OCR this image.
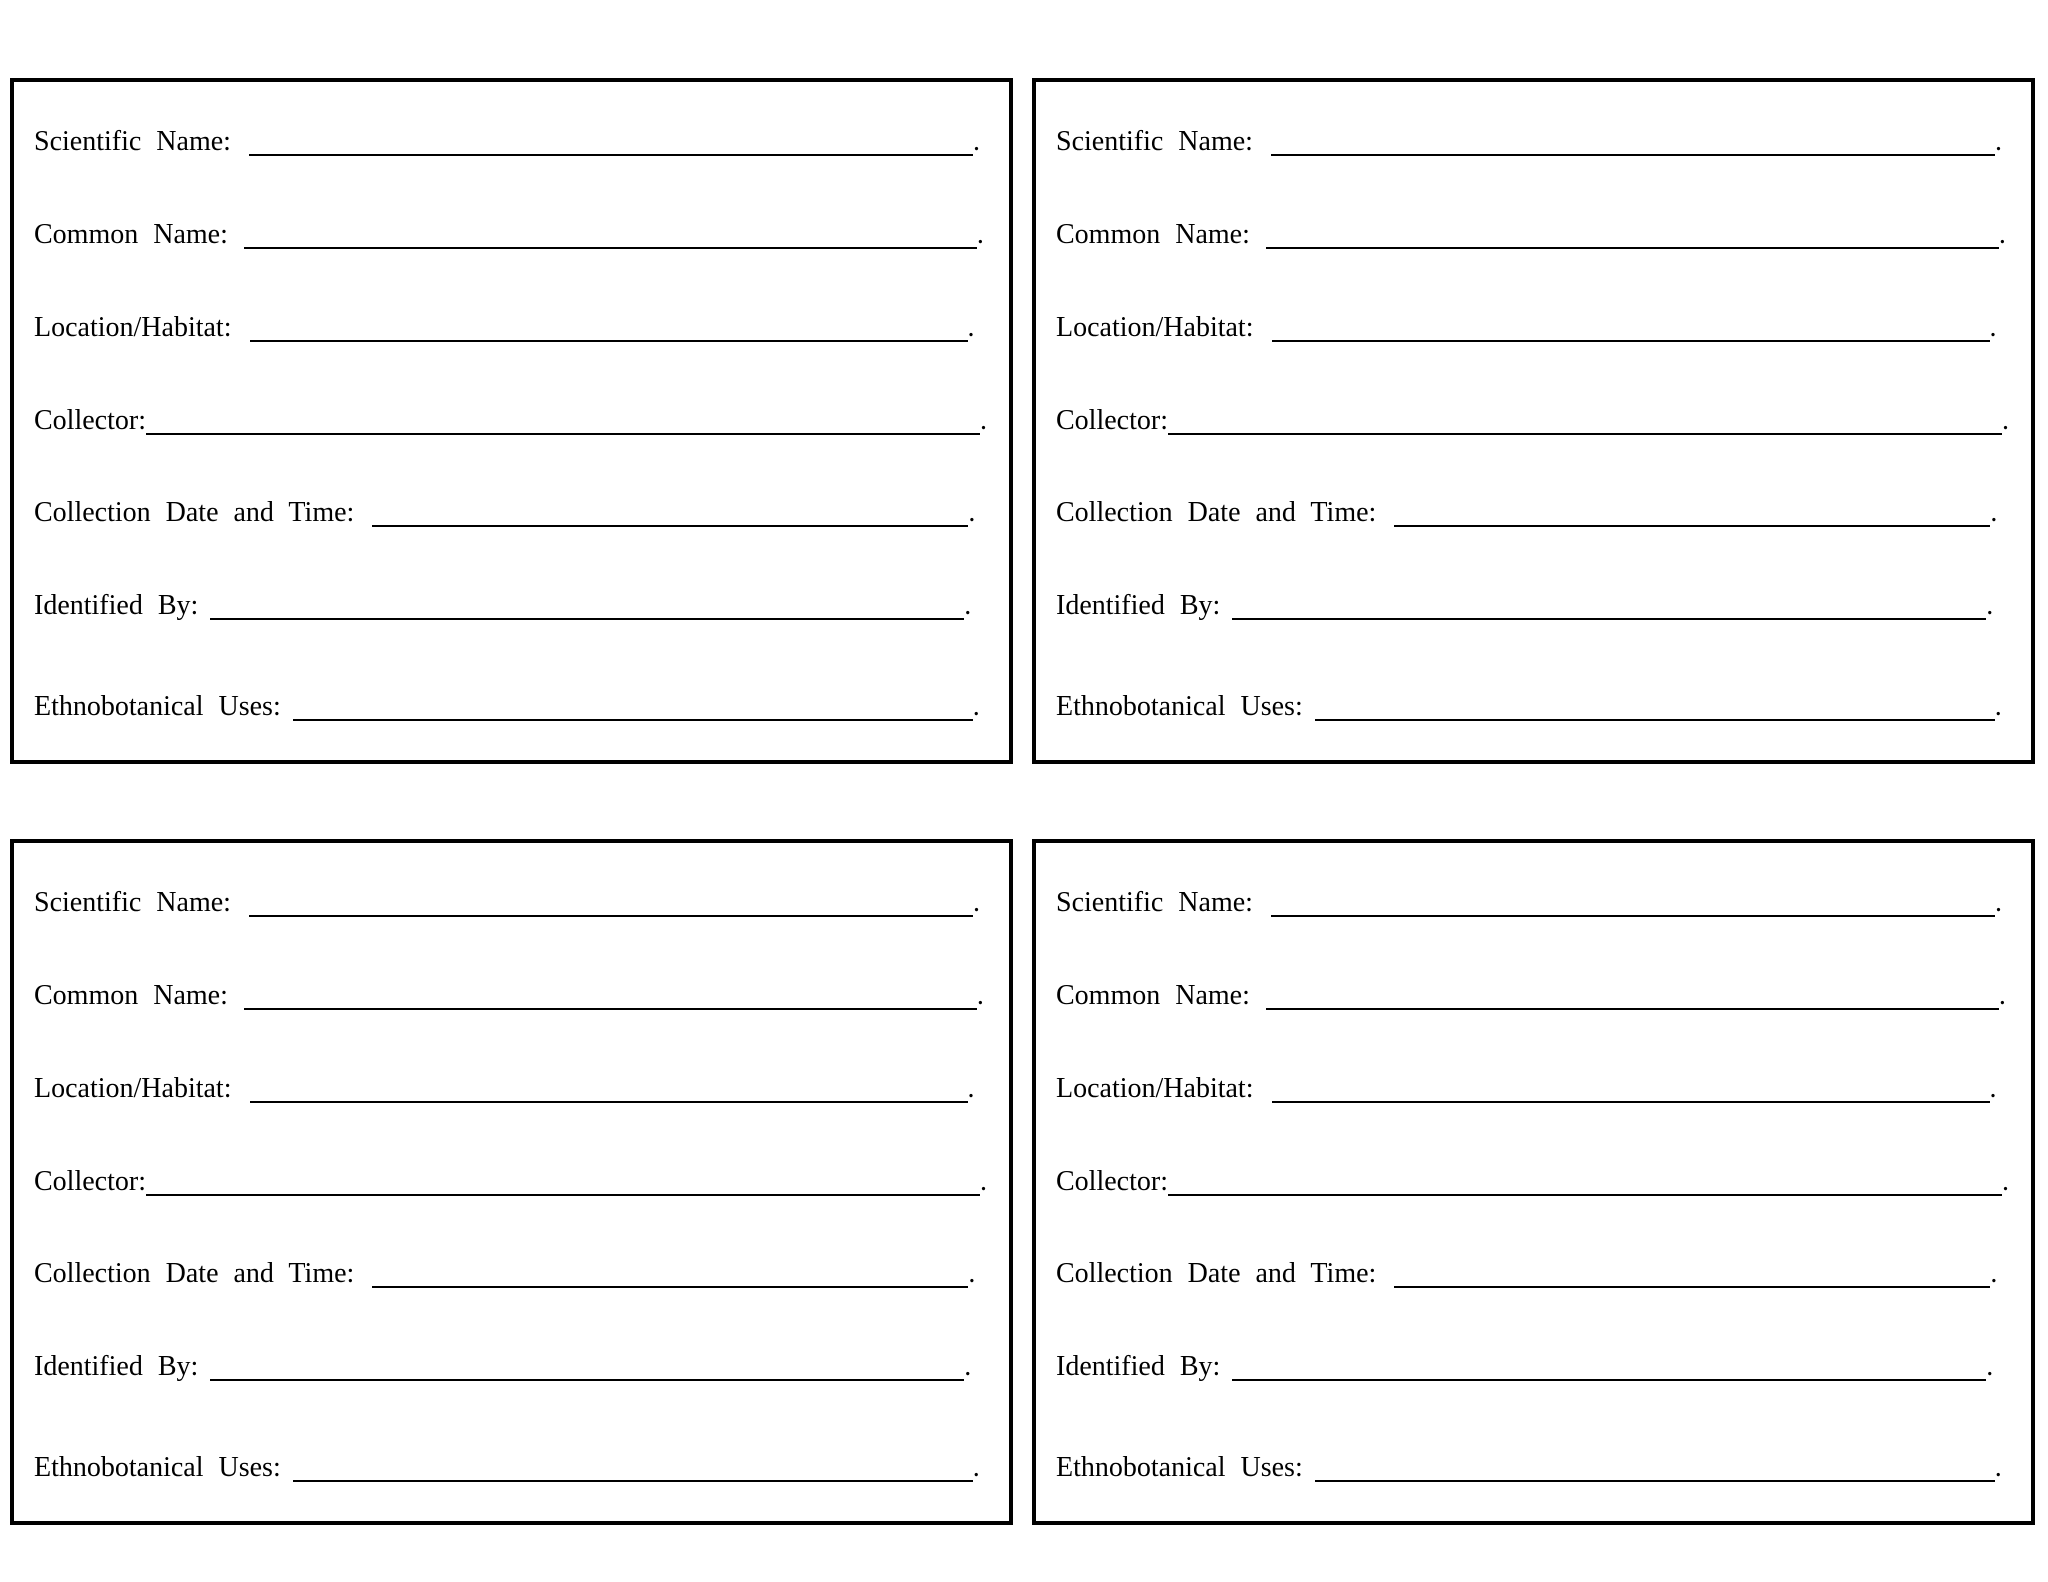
Scientific Name:	.
Common Name:	.
Location/Habitat:	.
Collector:	.
Collection Date and Time:	.
Identified By:	.
Ethnobotanical Uses:	.
Scientific Name:	.
Common Name:	.
Location/Habitat:	.
Collector:	.
Collection Date and Time:	.
Identified By:	.
Ethnobotanical Uses:	.
Scientific Name:	.
Common Name:	.
Location/Habitat:	.
Collector:	.
Collection Date and Time:	.
Identified By:	.
Ethnobotanical Uses:	.
Scientific Name:	.
Common Name:	.
Location/Habitat:	.
Collector:	.
Collection Date and Time:	.
Identified By:	.
Ethnobotanical Uses:	.
